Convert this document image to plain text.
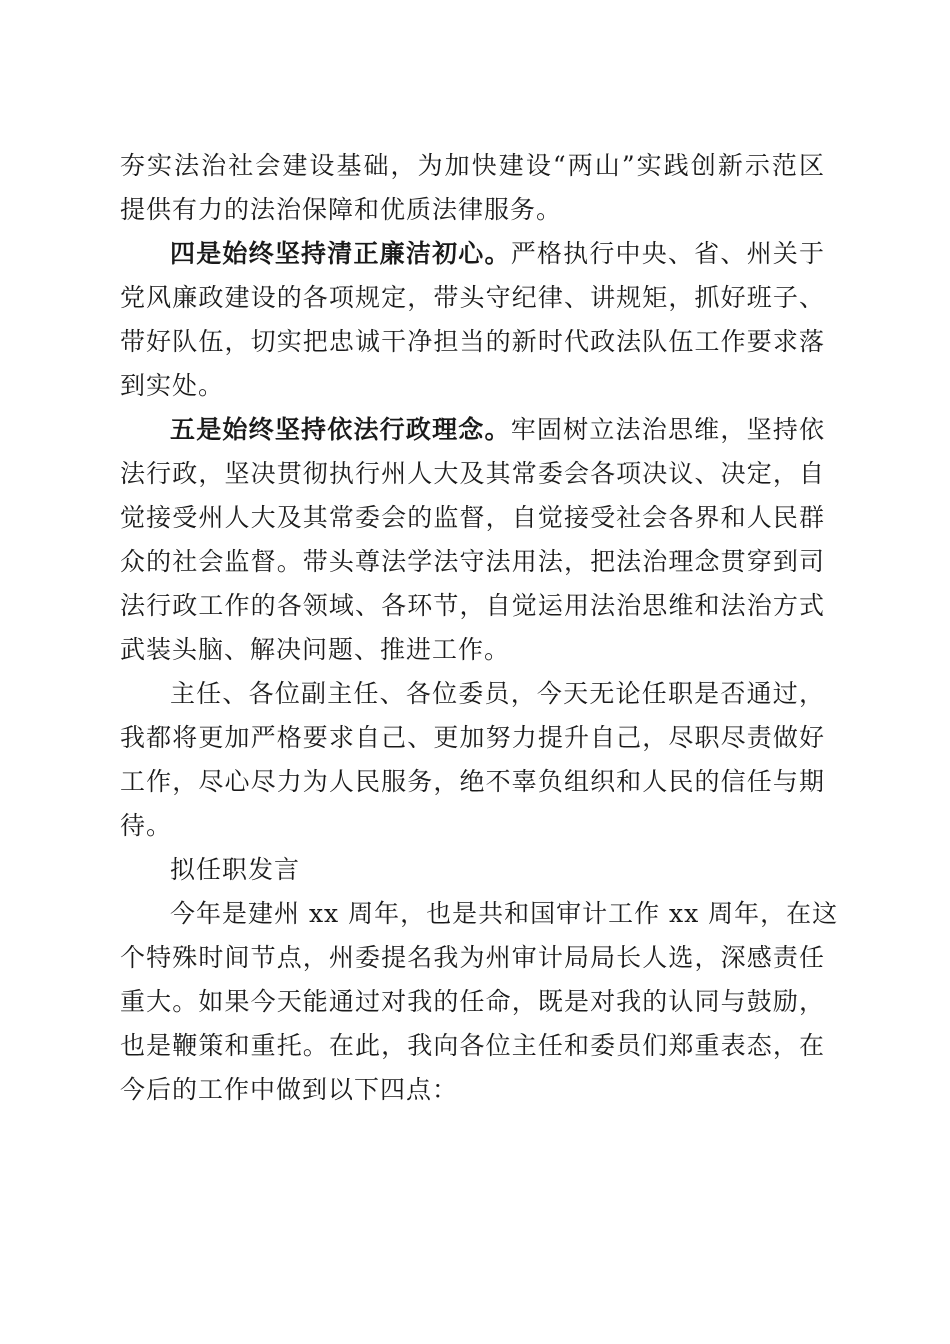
夯实法治社会建设基础，为加快建设“两山”实践创新示范区
提供有力的法治保障和优质法律服务。
四是始终坚持清正廉洁初心。严格执行中央、省、州关于
党风廉政建设的各项规定，带头守纪律、讲规矩，抓好班子、
带好队伍，切实把忠诚干净担当的新时代政法队伍工作要求落
到实处。
五是始终坚持依法行政理念。牢固树立法治思维，坚持依
法行政，坚决贯彻执行州人大及其常委会各项决议、决定，自
觉接受州人大及其常委会的监督，自觉接受社会各界和人民群
众的社会监督。带头尊法学法守法用法，把法治理念贯穿到司
法行政工作的各领域、各环节，自觉运用法治思维和法治方式
武装头脑、解决问题、推进工作。
主任、各位副主任、各位委员，今天无论任职是否通过，
我都将更加严格要求自己、更加努力提升自己，尽职尽责做好
工作，尽心尽力为人民服务，绝不辜负组织和人民的信任与期
待。
拟任职发言
今年是建州 xx 周年，也是共和国审计工作 xx 周年，在这
个特殊时间节点，州委提名我为州审计局局长人选，深感责任
重大。如果今天能通过对我的任命，既是对我的认同与鼓励，
也是鞭策和重托。在此，我向各位主任和委员们郑重表态，在
今后的工作中做到以下四点：
